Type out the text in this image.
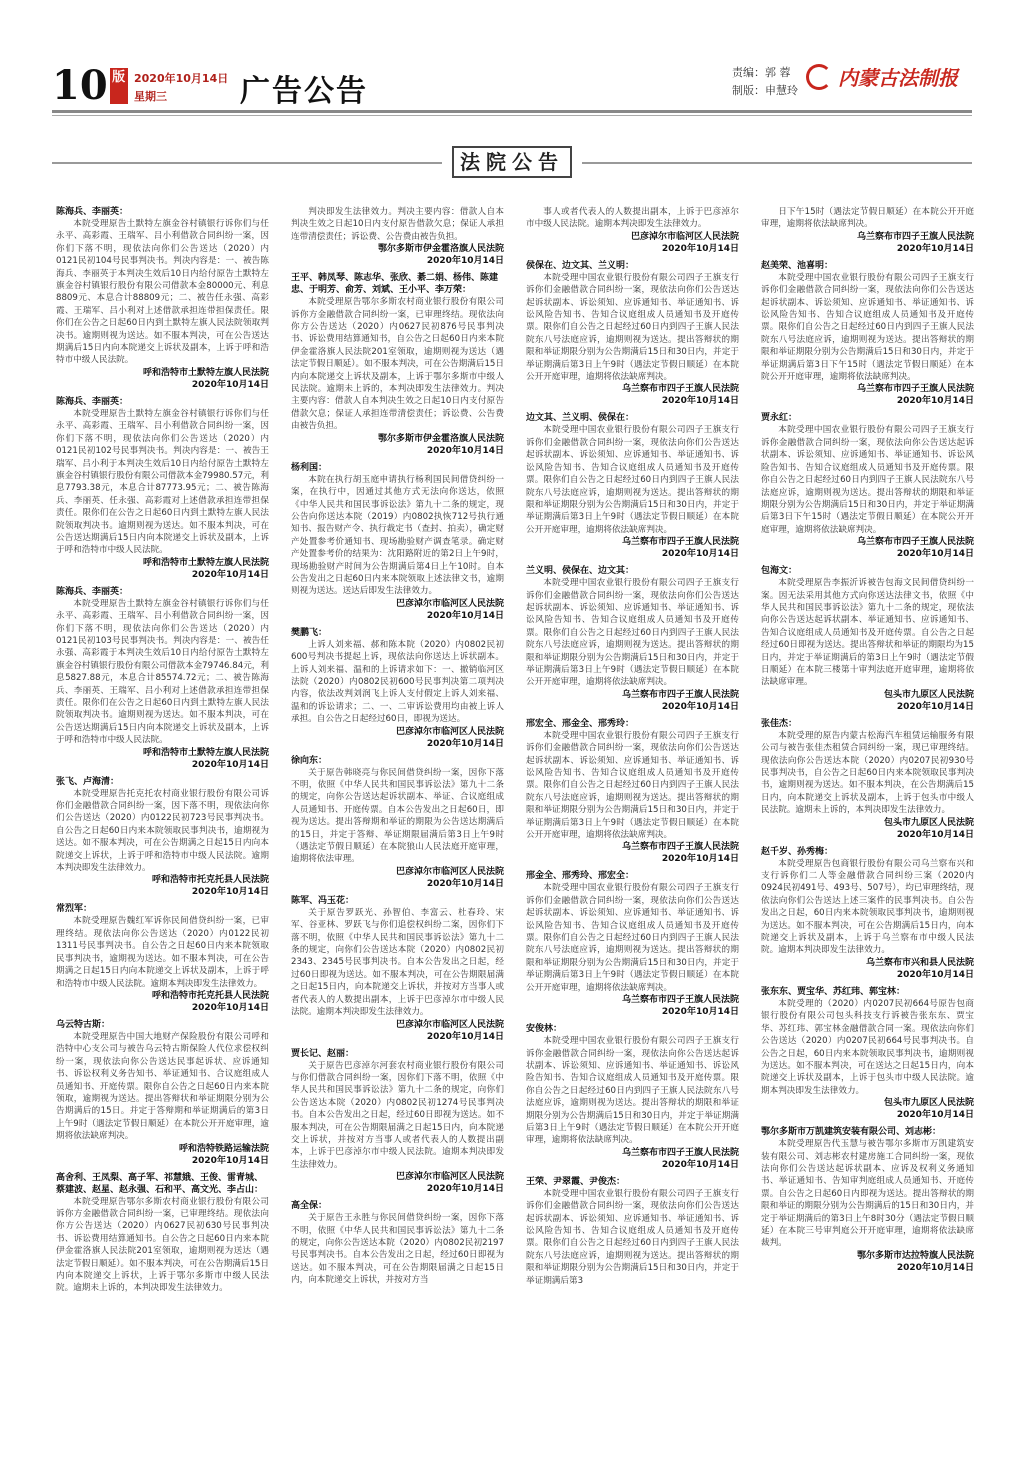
10 版 2020年10月14日
星期三	广告公告
责编：郭 蓉
制版：申慧玲
内蒙古法制报
法院公告
陈海兵、李丽英：

本院受理原告土默特左旗金谷村镇银行诉你们与任永平、高彩霞、王瑞军、吕小利借款合同纠纷一案，因你们下落不明，现依法向你们公告送达（2020）内0121民初104号民事判决书。判决内容是：一、被告陈海兵、李丽英于本判决生效后10日内给付原告土默特左旗金谷村镇银行股份有限公司借款本金80000元、利息8809元、本息合计88809元；二、被告任永强、高彩霞、王瑞军、吕小利对上述借款承担连带担保责任。限你们在公告之日起60日内到土默特左旗人民法院领取判决书。逾期则视为送达。如不服本判决，可在公告送达期满后15日内向本院递交上诉状及副本，上诉于呼和浩特市中级人民法院。

呼和浩特市土默特左旗人民法院
2020年10月14日
陈海兵、李丽英：

本院受理原告土默特左旗金谷村镇银行诉你们与任永平、高彩霞、王瑞军、吕小利借款合同纠纷一案，因你们下落不明，现依法向你们公告送达（2020）内0121民初102号民事判决书。判决内容是：一、被告王瑞军、吕小利于本判决生效后10日内给付原告土默特左旗金谷村镇银行股份有限公司借款本金79980.57元，利息7793.38元，本息合计87773.95元；二、被告陈海兵、李丽英、任永强、高彩霞对上述借款承担连带担保责任。限你们在公告之日起60日内到土默特左旗人民法院领取判决书。逾期则视为送达。如不服本判决，可在公告送达期满后15日内向本院递交上诉状及副本，上诉于呼和浩特市中级人民法院。

呼和浩特市土默特左旗人民法院
2020年10月14日
陈海兵、李丽英：

本院受理原告土默特左旗金谷村镇银行诉你们与任永平、高彩霞、王瑞军、吕小利借款合同纠纷一案，因你们下落不明，现依法向你们公告送达（2020）内0121民初103号民事判决书。判决内容是：一、被告任永强、高彩霞于本判决生效后10日内给付原告土默特左旗金谷村镇银行股份有限公司借款本金79746.84元，利息5827.88元，本息合计85574.72元；二、被告陈海兵、李丽英、王瑞军、吕小利对上述借款承担连带担保责任。限你们在公告之日起60日内到土默特左旗人民法院领取判决书。逾期则视为送达。如不服本判决，可在公告送达期满后15日内向本院递交上诉状及副本，上诉于呼和浩特市中级人民法院。

呼和浩特市土默特左旗人民法院
2020年10月14日
张飞、卢海清：

本院受理原告托克托农村商业银行股份有限公司诉你们金融借款合同纠纷一案，因下落不明，现依法向你们公告送达（2020）内0122民初723号民事判决书。自公告之日起60日内来本院领取民事判决书，逾期视为送达。如不服本判决，可在公告期满之日起15日内向本院递交上诉状，上诉于呼和浩特市中级人民法院。逾期本判决即发生法律效力。

呼和浩特市托克托县人民法院
2020年10月14日
常烈军：

本院受理原告魏红军诉你民间借贷纠纷一案，已审理终结。现依法向你公告送达（2020）内0122民初1311号民事判决书。自公告之日起60日内来本院领取民事判决书，逾期视为送达。如不服本判决，可在公告期满之日起15日内向本院递交上诉状及副本，上诉于呼和浩特市中级人民法院。逾期本判决即发生法律效力。

呼和浩特市托克托县人民法院
2020年10月14日
乌云特古斯：

本院受理原告中国大地财产保险股份有限公司呼和浩特中心支公司与被告乌云特古斯保险人代位求偿权纠纷一案，现依法向你公告送达民事起诉状、应诉通知书、诉讼权利义务告知书、举证通知书、合议庭组成人员通知书、开庭传票。限你自公告之日起60日内来本院领取，逾期视为送达。提出答辩状和举证期限分别为公告期满后的15日。并定于答辩期和举证期满后的第3日上午9时（遇法定节假日顺延）在本院公开开庭审理，逾期将依法缺席判决。

呼和浩特铁路运输法院
2020年10月14日
高舍利、王凤梨、高子军、祁慧娥、王俊、雷青城、蔡建波、赵星、赵永强、石和平、高文光、李占山：

本院受理原告鄂尔多斯农村商业银行股份有限公司诉你方金融借款合同纠纷一案，已审理终结。现依法向你方公告送达（2020）内0627民初630号民事判决书、诉讼费用结算通知书。自公告之日起60日内来本院伊金霍洛旗人民法院201室领取，逾期则视为送达（遇法定节假日顺延）。如不服本判决，可在公告期满后15日内向本院递交上诉状，上诉于鄂尔多斯市中级人民法院。逾期未上诉的，本判决即发生法律效力。

判决即发生法律效力。判决主要内容：借款人自本判决生效之日起10日内支付原告借款欠息；保证人承担连带清偿责任；诉讼费、公告费由被告负担。

鄂尔多斯市伊金霍洛旗人民法院
2020年10月14日
王平、韩凤琴、陈志华、张欣、綦二娟、杨伟、陈建忠、于明芳、俞芳、刘斌、王小平、李万荣：

本院受理原告鄂尔多斯农村商业银行股份有限公司诉你方金融借款合同纠纷一案，已审理终结。现依法向你方公告送达（2020）内0627民初876号民事判决书、诉讼费用结算通知书，自公告之日起60日内来本院伊金霍洛旗人民法院201室领取，逾期则视为送达（遇法定节假日顺延）。如不服本判决，可在公告期满后15日内向本院递交上诉状及副本，上诉于鄂尔多斯市中级人民法院。逾期未上诉的，本判决即发生法律效力。判决主要内容：借款人自本判决生效之日起10日内支付原告借款欠息；保证人承担连带清偿责任；诉讼费、公告费由被告负担。

鄂尔多斯市伊金霍洛旗人民法院
2020年10月14日
杨利国：

本院在执行胡玉庭申请执行杨利国民间借贷纠纷一案，在执行中，因通过其他方式无法向你送达，依照《中华人民共和国民事诉讼法》第九十二条的规定，现公告向你送达本院（2019）内0802执恢712号执行通知书、报告财产令、执行裁定书（查封、拍卖），确定财产处置参考价通知书、现场勘验财产调查笔录。确定财产处置参考价的结果为：沈阳路附近的第2日上午9时，现场勘验财产时间为公告期满后第4日上午10时。自本公告发出之日起60日内来本院领取上述法律文书，逾期则视为送达。送达后即发生法律效力。

巴彦淖尔市临河区人民法院
2020年10月14日
樊鹏飞：

上诉人刘来福、郝和陈本院（2020）内0802民初600号判决书提起上诉，现依法向你送达上诉状副本。上诉人刘来福、温和的上诉请求如下：一、撤销临河区法院（2020）内0802民初600号民事判决第二项判决内容，依法改判刘润飞上诉人支付假定上诉人刘来福、温和的诉讼请求；二、一、二审诉讼费用均由被上诉人承担。自公告之日起经过60日，即视为送达。

巴彦淖尔市临河区人民法院
2020年10月14日
徐向东：

关于原告韩晓亮与你民间借贷纠纷一案，因你下落不明，依照《中华人民共和国民事诉讼法》第九十二条的规定，向你公告送达起诉状副本、举证、合议庭组成人员通知书、开庭传票。自本公告发出之日起60日，即视为送达。提出答辩期和举证的期限为公告送达期满后的15日，并定于答辩、举证期限届满后第3日上午9时（遇法定节假日顺延）在本院狼山人民法庭开庭审理，逾期将依法审理。

巴彦淖尔市临河区人民法院
2020年10月14日
陈军、冯玉花：

关于原告罗跃光、孙智伯、李富云、杜春玲、宋军、谷亚林、罗跃飞与你们追偿权纠纷二案，因你们下落不明，依照《中华人民共和国民事诉讼法》第九十二条的规定，向你们公告送达本院（2020）内0802民初2343、2345号民事判决书。自本公告发出之日起，经过60日即视为送达。如不服本判决，可在公告期限届满之日起15日内，向本院递交上诉状，并按对方当事人或者代表人的人数提出副本，上诉于巴彦淖尔市中级人民法院。逾期本判决即发生法律效力。

巴彦淖尔市临河区人民法院
2020年10月14日
贾长记、赵丽：

关于原告巴彦淖尔河套农村商业银行股份有限公司与你们借款合同纠纷一案，因你们下落不明，依照《中华人民共和国民事诉讼法》第九十二条的规定，向你们公告送达本院（2020）内0802民初1274号民事判决书。自本公告发出之日起，经过60日即视为送达。如不服本判决，可在公告期限届满之日起15日内，向本院递交上诉状，并按对方当事人或者代表人的人数提出副本，上诉于巴彦淖尔市中级人民法院。逾期本判决即发生法律效力。

巴彦淖尔市临河区人民法院
2020年10月14日
高全保：

关于原告王永胜与你民间借贷纠纷一案，因你下落不明，依照《中华人民共和国民事诉讼法》第九十二条的规定，向你公告送达本院（2020）内0802民初2197号民事判决书。自本公告发出之日起，经过60日即视为送达。如不服本判决，可在公告期限届满之日起15日内，向本院递交上诉状，并按对方当

事人或者代表人的人数提出副本，上诉于巴彦淖尔市中级人民法院。逾期本判决即发生法律效力。

巴彦淖尔市临河区人民法院
2020年10月14日
侯保在、边文其、兰义明：

本院受理中国农业银行股份有限公司四子王旗支行诉你们金融借款合同纠纷一案，现依法向你们公告送达起诉状副本、诉讼须知、应诉通知书、举证通知书、诉讼风险告知书、告知合议庭组成人员通知书及开庭传票。限你们自公告之日起经过60日内到四子王旗人民法院东八号法庭应诉，逾期则视为送达。提出答辩状的期限和举证期限分别为公告期满后15日和30日内，并定于举证期满后第3日上午9时（遇法定节假日顺延）在本院公开开庭审理，逾期将依法缺席判决。

乌兰察布市四子王旗人民法院
2020年10月14日
边文其、兰义明、侯保在：

本院受理中国农业银行股份有限公司四子王旗支行诉你们金融借款合同纠纷一案，现依法向你们公告送达起诉状副本、诉讼须知、应诉通知书、举证通知书、诉讼风险告知书、告知合议庭组成人员通知书及开庭传票。限你们自公告之日起经过60日内到四子王旗人民法院东八号法庭应诉，逾期则视为送达。提出答辩状的期限和举证期限分别为公告期满后15日和30日内，并定于举证期满后第3日上午9时（遇法定节假日顺延）在本院公开开庭审理，逾期将依法缺席判决。

乌兰察布市四子王旗人民法院
2020年10月14日
兰义明、侯保在、边文其：

本院受理中国农业银行股份有限公司四子王旗支行诉你们金融借款合同纠纷一案，现依法向你们公告送达起诉状副本、诉讼须知、应诉通知书、举证通知书、诉讼风险告知书、告知合议庭组成人员通知书及开庭传票。限你们自公告之日起经过60日内到四子王旗人民法院东八号法庭应诉，逾期则视为送达。提出答辩状的期限和举证期限分别为公告期满后15日和30日内，并定于举证期满后第3日上午9时（遇法定节假日顺延）在本院公开开庭审理，逾期将依法缺席判决。

乌兰察布市四子王旗人民法院
2020年10月14日
邢宏全、邢金全、邢秀玲：

本院受理中国农业银行股份有限公司四子王旗支行诉你们金融借款合同纠纷一案，现依法向你们公告送达起诉状副本、诉讼须知、应诉通知书、举证通知书、诉讼风险告知书、告知合议庭组成人员通知书及开庭传票。限你们自公告之日起经过60日内到四子王旗人民法院东八号法庭应诉，逾期则视为送达。提出答辩状的期限和举证期限分别为公告期满后15日和30日内，并定于举证期满后第3日上午9时（遇法定节假日顺延）在本院公开开庭审理，逾期将依法缺席判决。

乌兰察布市四子王旗人民法院
2020年10月14日
邢金全、邢秀玲、邢宏全：

本院受理中国农业银行股份有限公司四子王旗支行诉你们金融借款合同纠纷一案，现依法向你们公告送达起诉状副本、诉讼须知、应诉通知书、举证通知书、诉讼风险告知书、告知合议庭组成人员通知书及开庭传票。限你们自公告之日起经过60日内到四子王旗人民法院东八号法庭应诉，逾期则视为送达。提出答辩状的期限和举证期限分别为公告期满后15日和30日内，并定于举证期满后第3日上午9时（遇法定节假日顺延）在本院公开开庭审理，逾期将依法缺席判决。

乌兰察布市四子王旗人民法院
2020年10月14日
安俊林：

本院受理中国农业银行股份有限公司四子王旗支行诉你金融借款合同纠纷一案，现依法向你公告送达起诉状副本、诉讼须知、应诉通知书、举证通知书、诉讼风险告知书、告知合议庭组成人员通知书及开庭传票。限你自公告之日起经过60日内到四子王旗人民法院东八号法庭应诉，逾期则视为送达。提出答辩状的期限和举证期限分别为公告期满后15日和30日内，并定于举证期满后第3日上午9时（遇法定节假日顺延）在本院公开开庭审理，逾期将依法缺席判决。

乌兰察布市四子王旗人民法院
2020年10月14日
王荣、尹翠霞、尹俊杰：

本院受理中国农业银行股份有限公司四子王旗支行诉你们金融借款合同纠纷一案，现依法向你们公告送达起诉状副本、诉讼须知、应诉通知书、举证通知书、诉讼风险告知书、告知合议庭组成人员通知书及开庭传票。限你们自公告之日起经过60日内到四子王旗人民法院东八号法庭应诉，逾期则视为送达。提出答辩状的期限和举证期限分别为公告期满后15日和30日内，并定于举证期满后第3

日下午15时（遇法定节假日顺延）在本院公开开庭审理，逾期将依法缺席判决。

乌兰察布市四子王旗人民法院
2020年10月14日
赵美荣、池喜明：

本院受理中国农业银行股份有限公司四子王旗支行诉你们金融借款合同纠纷一案，现依法向你们公告送达起诉状副本、诉讼须知、应诉通知书、举证通知书、诉讼风险告知书、告知合议庭组成人员通知书及开庭传票。限你们自公告之日起经过60日内到四子王旗人民法院东八号法庭应诉，逾期则视为送达。提出答辩状的期限和举证期限分别为公告期满后15日和30日内，并定于举证期满后第3日下午15时（遇法定节假日顺延）在本院公开开庭审理，逾期将依法缺席判决。

乌兰察布市四子王旗人民法院
2020年10月14日
贾永红：

本院受理中国农业银行股份有限公司四子王旗支行诉你金融借款合同纠纷一案，现依法向你公告送达起诉状副本、诉讼须知、应诉通知书、举证通知书、诉讼风险告知书、告知合议庭组成人员通知书及开庭传票。限你自公告之日起经过60日内到四子王旗人民法院东八号法庭应诉，逾期则视为送达。提出答辩状的期限和举证期限分别为公告期满后15日和30日内，并定于举证期满后第3日下午15时（遇法定节假日顺延）在本院公开开庭审理，逾期将依法缺席判决。

乌兰察布市四子王旗人民法院
2020年10月14日
包海文：

本院受理原告李振沂诉被告包海文民间借贷纠纷一案。因无法采用其他方式向你送达法律文书，依照《中华人民共和国民事诉讼法》第九十二条的规定，现依法向你公告送达起诉状副本、举证通知书、应诉通知书、告知合议庭组成人员通知书及开庭传票。自公告之日起经过60日即视为送达。提出答辩状和举证的期限均为15日内，并定于举证期满后的第3日上午9时（遇法定节假日顺延）在本院三楼第十审判法庭开庭审理，逾期将依法缺席审理。

包头市九原区人民法院
2020年10月14日
张佳杰：

本院受理的原告内蒙古松海汽车租赁运输服务有限公司与被告张佳杰租赁合同纠纷一案，现已审理终结。现依法向你公告送达本院（2020）内0207民初930号民事判决书，自公告之日起60日内来本院领取民事判决书，逾期则视为送达。如不服本判决，在公告期满后15日内，向本院递交上诉状及副本，上诉于包头市中级人民法院。逾期未上诉的，本判决即发生法律效力。

包头市九原区人民法院
2020年10月14日
赵千岁、孙秀梅：

本院受理原告包商银行股份有限公司乌兰察布兴和支行诉你们二人等金融借款合同纠纷三案（2020内0924民初491号、493号、507号），均已审理终结，现依法向你们公告送达上述三案件的民事判决书。自公告发出之日起，60日内来本院领取民事判决书，逾期则视为送达。如不服本判决，可在公告期满后15日内，向本院递交上诉状及副本，上诉于乌兰察布市中级人民法院。逾期本判决即发生法律效力。

乌兰察布市兴和县人民法院
2020年10月14日
张东东、贾宝华、苏红玮、郭宝林：

本院受理的（2020）内0207民初664号原告包商银行股份有限公司包头科技支行诉被告张东东、贾宝华、苏红玮、郭宝林金融借款合同一案。现依法向你们公告送达（2020）内0207民初664号民事判决书。自公告之日起，60日内来本院领取民事判决书，逾期则视为送达。如不服本判决，可在送达之日起15日内，向本院递交上诉状及副本，上诉于包头市中级人民法院。逾期本判决即发生法律效力。

包头市九原区人民法院
2020年10月14日
鄂尔多斯市万凯建筑安装有限公司、刘志彬：

本院受理原告代玉慧与被告鄂尔多斯市万凯建筑安装有限公司、刘志彬农村建房施工合同纠纷一案，现依法向你们公告送达起诉状副本、应诉及权利义务通知书、举证通知书、告知审判庭组成人员通知书、开庭传票。自公告之日起60日内即视为送达。提出答辩状的期限和举证的期限分别为公告期满后的15日和30日内，并定于举证期满后的第3日上午8时30分（遇法定节假日顺延）在本院三号审判庭公开开庭审理，逾期将依法缺席裁判。

鄂尔多斯市达拉特旗人民法院
2020年10月14日
